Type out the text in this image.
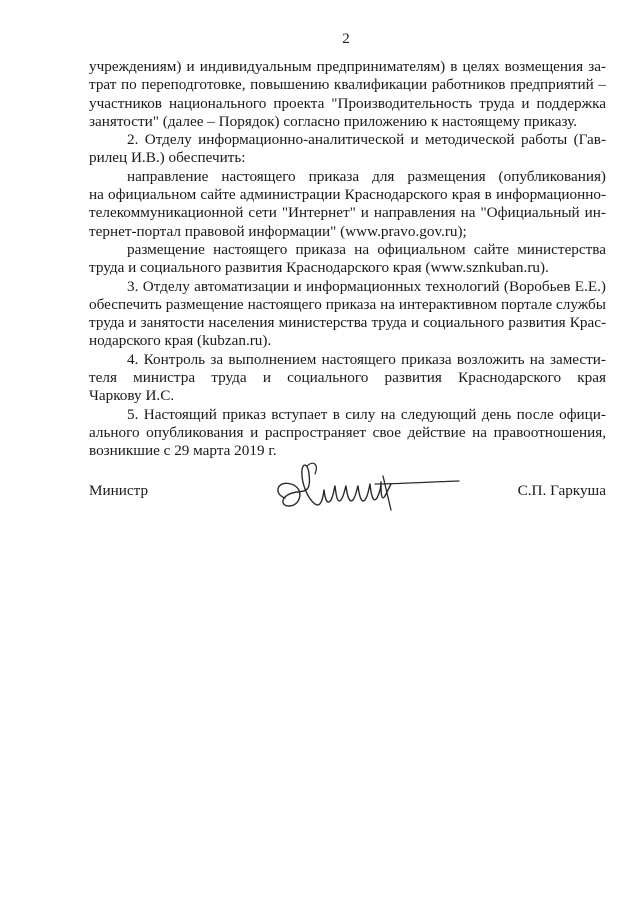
2
учреждениям) и индивидуальным предпринимателям) в целях возмещения за-
трат по переподготовке, повышению квалификации работников предприятий –
участников национального проекта "Производительность труда и поддержка
занятости" (далее – Порядок) согласно приложению к настоящему приказу.
2. Отделу информационно-аналитической и методической работы (Гав-
рилец И.В.) обеспечить:
направление настоящего приказа для размещения (опубликования)
на официальном сайте администрации Краснодарского края в информационно-
телекоммуникационной сети "Интернет" и направления на "Официальный ин-
тернет-портал правовой информации" (www.pravo.gov.ru);
размещение настоящего приказа на официальном сайте министерства
труда и социального развития Краснодарского края (www.sznkuban.ru).
3. Отделу автоматизации и информационных технологий (Воробьев Е.Е.)
обеспечить размещение настоящего приказа на интерактивном портале службы
труда и занятости населения министерства труда и социального развития Крас-
нодарского края (kubzan.ru).
4. Контроль за выполнением настоящего приказа возложить на замести-
теля министра труда и социального развития Краснодарского края
Чаркову И.С.
5. Настоящий приказ вступает в силу на следующий день после офици-
ального опубликования и распространяет свое действие на правоотношения,
возникшие с 29 марта 2019 г.
Министр	С.П. Гаркуша
